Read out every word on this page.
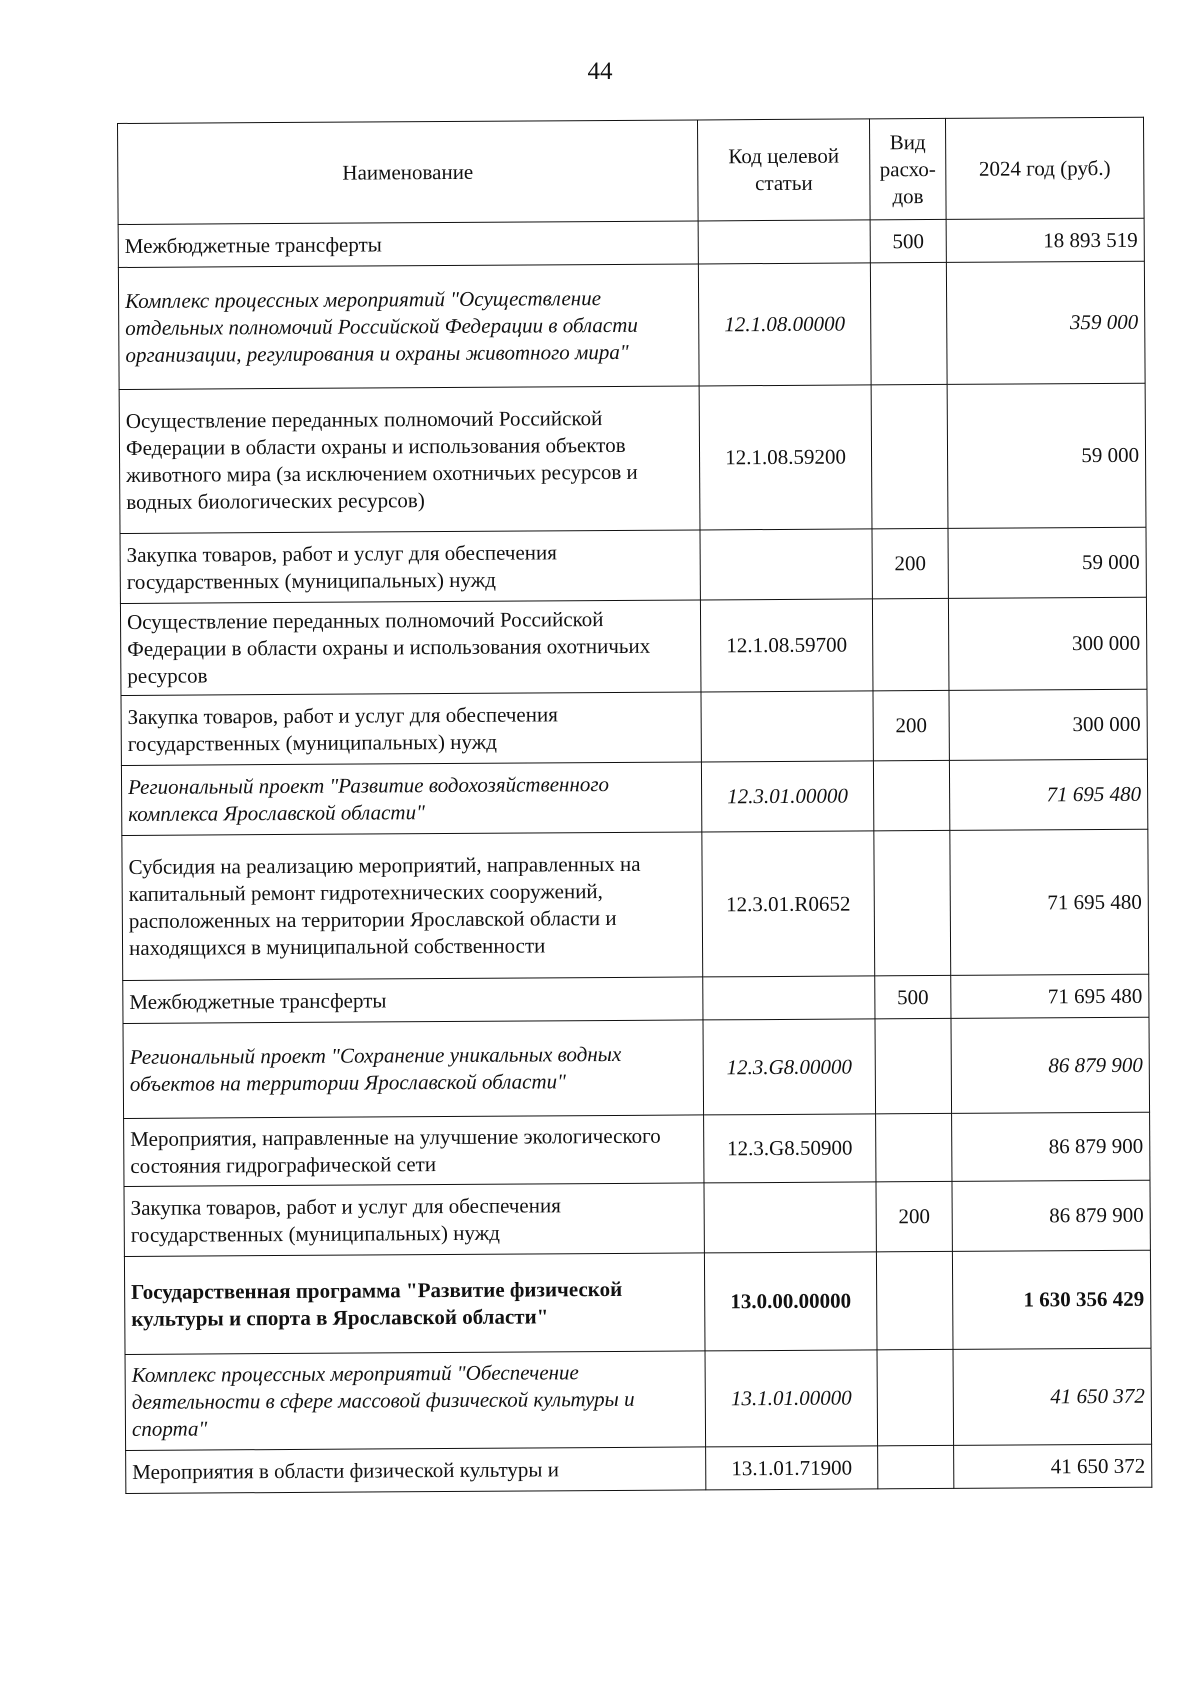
44
Наименование	Код целевой статьи	Вид расхо-дов	2024 год (руб.)
Межбюджетные трансферты		500	18 893 519
Комплекс процессных мероприятий "Осуществление отдельных полномочий Российской Федерации в области организации, регулирования и охраны животного мира"	12.1.08.00000		359 000
Осуществление переданных полномочий Российской Федерации в области охраны и использования объектов животного мира (за исключением охотничьих ресурсов и водных биологических ресурсов)	12.1.08.59200		59 000
Закупка товаров, работ и услуг для обеспечения государственных (муниципальных) нужд		200	59 000
Осуществление переданных полномочий Российской Федерации в области охраны и использования охотничьих ресурсов	12.1.08.59700		300 000
Закупка товаров, работ и услуг для обеспечения государственных (муниципальных) нужд		200	300 000
Региональный проект "Развитие водохозяйственного комплекса Ярославской области"	12.3.01.00000		71 695 480
Субсидия на реализацию мероприятий, направленных на капитальный ремонт гидротехнических сооружений, расположенных на территории Ярославской области и находящихся в муниципальной собственности	12.3.01.R0652		71 695 480
Межбюджетные трансферты		500	71 695 480
Региональный проект "Сохранение уникальных водных объектов на территории Ярославской области"	12.3.G8.00000		86 879 900
Мероприятия, направленные на улучшение экологического состояния гидрографической сети	12.3.G8.50900		86 879 900
Закупка товаров, работ и услуг для обеспечения государственных (муниципальных) нужд		200	86 879 900
Государственная программа "Развитие физической культуры и спорта в Ярославской области"	13.0.00.00000		1 630 356 429
Комплекс процессных мероприятий "Обеспечение деятельности в сфере массовой физической культуры и спорта"	13.1.01.00000		41 650 372
Мероприятия в области физической культуры и	13.1.01.71900		41 650 372
